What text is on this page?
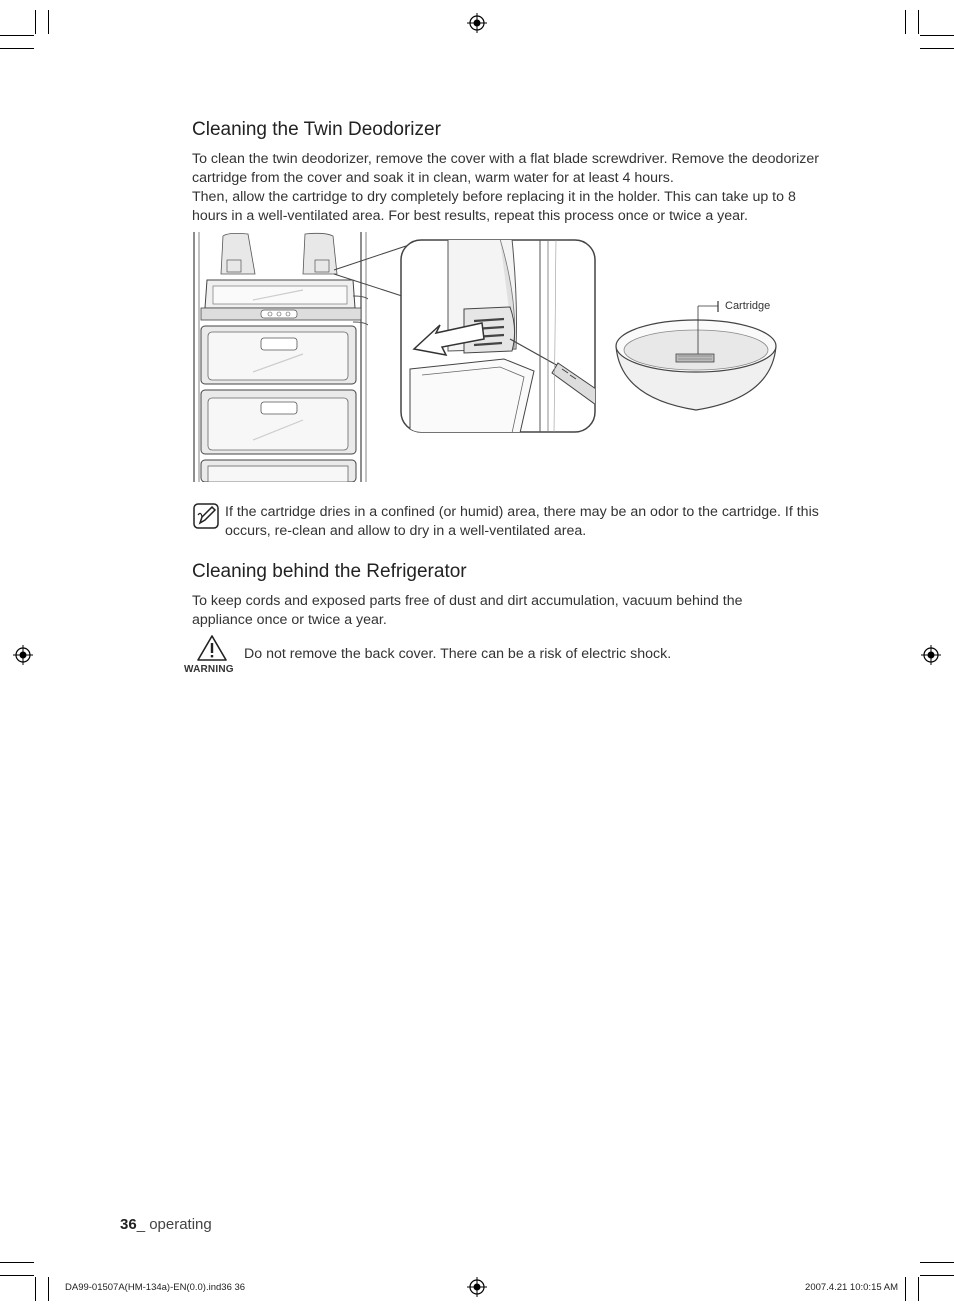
Cleaning the Twin Deodorizer

To clean the twin deodorizer, remove the cover with a flat blade screwdriver. Remove the deodorizer cartridge from the cover and soak it in clean, warm water for at least 4 hours.

Then, allow the cartridge to dry completely before replacing it in the holder. This can take up to 8 hours in a well-ventilated area. For best results, repeat this process once or twice a year.

Cartridge
If the cartridge dries in a confined (or humid) area, there may be an odor to the cartridge. If this occurs, re-clean and allow to dry in a well-ventilated area.
Cleaning behind the Refrigerator

To keep cords and exposed parts free of dust and dirt accumulation, vacuum behind the appliance once or twice a year.

WARNING
Do not remove the back cover. There can be a risk of electric shock.
36_ operating
DA99-01507A(HM-134a)-EN(0.0).ind36 36	2007.4.21 10:0:15 AM
